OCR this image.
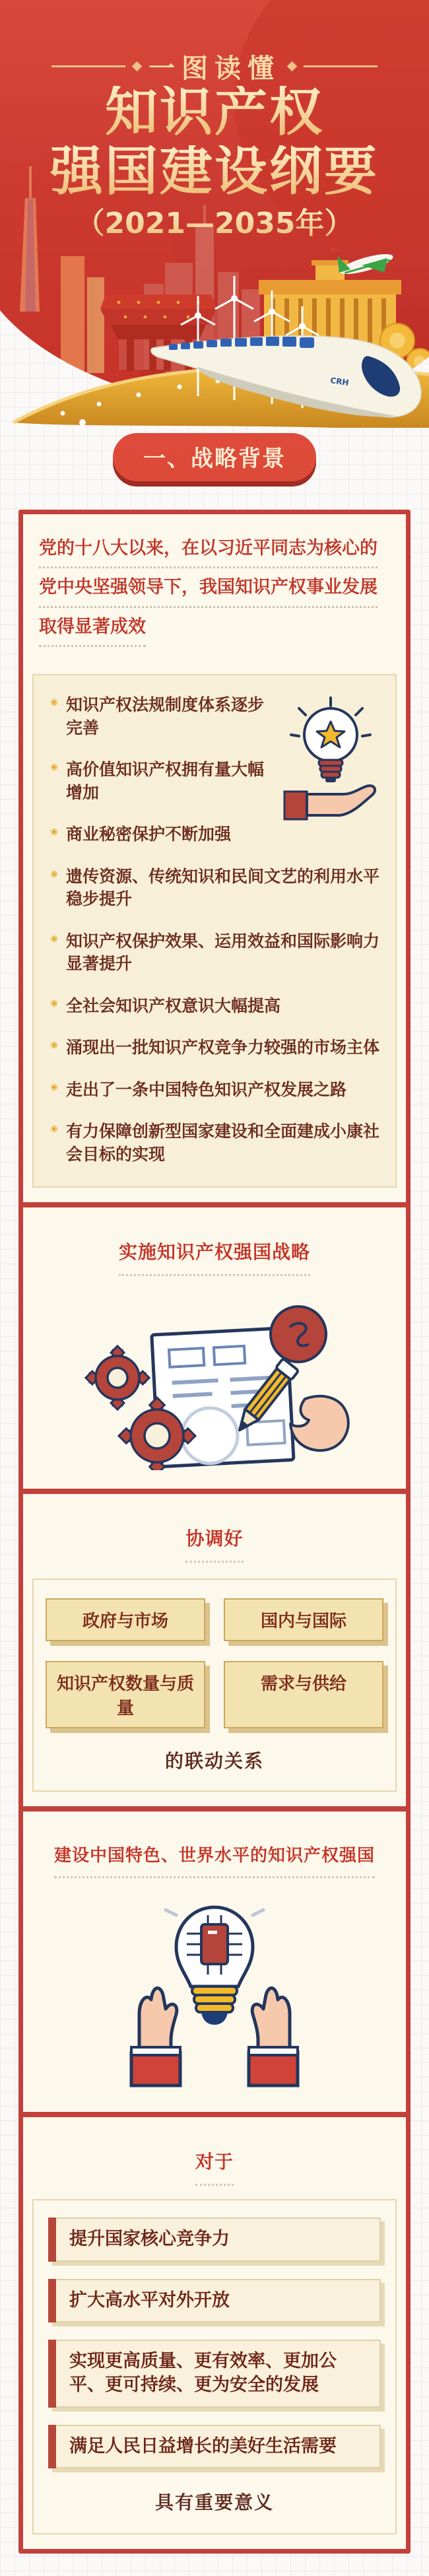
CRH
一图读懂
知识产权
强国建设纲要
（2021—2035年）
一、战略背景
党的十八大以来，在以习近平同志为核心的 党中央坚强领导下，我国知识产权事业发展 取得显著成效
知识产权法规制度体系逐步完善
高价值知识产权拥有量大幅增加
商业秘密保护不断加强
遗传资源、传统知识和民间文艺的利用水平稳步提升
知识产权保护效果、运用效益和国际影响力显著提升
全社会知识产权意识大幅提高
涌现出一批知识产权竞争力较强的市场主体
走出了一条中国特色知识产权发展之路
有力保障创新型国家建设和全面建成小康社会目标的实现
实施知识产权强国战略
协调好
政府与市场	国内与国际
知识产权数量与质量
需求与供给
的联动关系
建设中国特色、世界水平的知识产权强国
对于
提升国家核心竞争力
扩大高水平对外开放
实现更高质量、更有效率、更加公平、更可持续、更为安全的发展
满足人民日益增长的美好生活需要
具有重要意义
